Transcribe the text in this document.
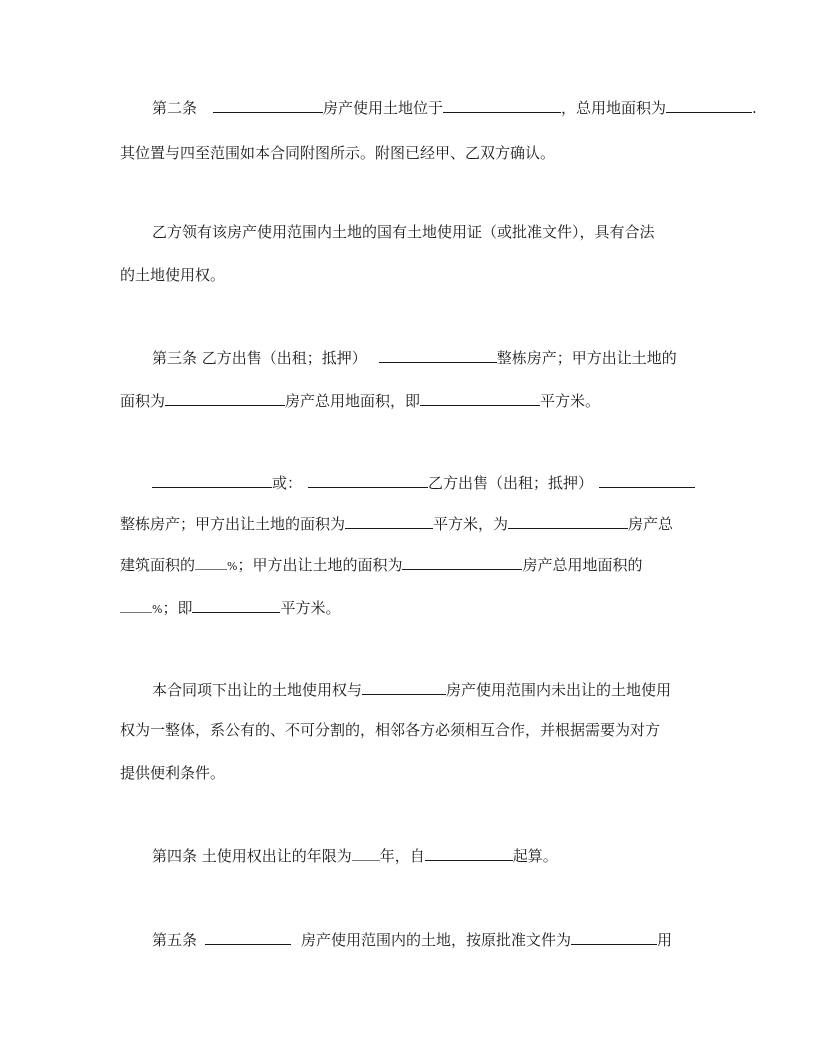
第二条	房产使用土地位于	，总用地面积为	.
其位置与四至范围如本合同附图所示。附图已经甲、乙双方确认。
乙方领有该房产使用范围内土地的国有土地使用证（或批准文件），具有合法
的土地使用权。
第三条 乙方出售（出租；抵押）	整栋房产；甲方出让土地的
面积为	房产总用地面积，即	平方米。
或：	乙方出售（出租；抵押）
整栋房产；甲方出让土地的面积为	平方米，为	房产总
建筑面积的	%；甲方出让土地的面积为	房产总用地面积的
%；即	平方米。
本合同项下出让的土地使用权与	房产使用范围内未出让的土地使用
权为一整体，系公有的、不可分割的，相邻各方必须相互合作，并根据需要为对方
提供便利条件。
第四条 土使用权出让的年限为 年，自	起算。
第五条	房产使用范围内的土地，按原批准文件为	用
